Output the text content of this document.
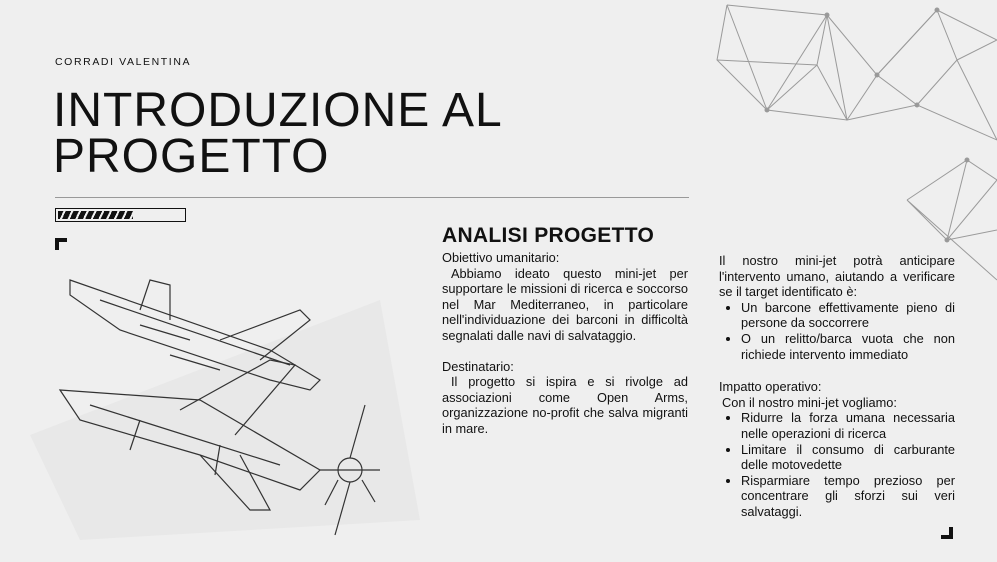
CORRADI VALENTINA
INTRODUZIONE AL PROGETTO
ANALISI PROGETTO

Obiettivo umanitario:

Abbiamo ideato questo mini-jet per supportare le missioni di ricerca e soccorso nel Mar Mediterraneo, in particolare nell'individuazione dei barconi in difficoltà segnalati dalle navi di salvataggio.

Destinatario:

Il progetto si ispira e si rivolge ad associazioni come Open Arms, organizzazione no-profit che salva migranti in mare.

Il nostro mini-jet potrà anticipare l'intervento umano, aiutando a verificare se il target identificato è:

• Un barcone effettivamente pieno di persone da soccorrere
• O un relitto/barca vuota che non richiede intervento immediato

Impatto operativo:

Con il nostro mini-jet vogliamo:

• Ridurre la forza umana necessaria nelle operazioni di ricerca
• Limitare il consumo di carburante delle motovedette
• Risparmiare tempo prezioso per concentrare gli sforzi sui veri salvataggi.
